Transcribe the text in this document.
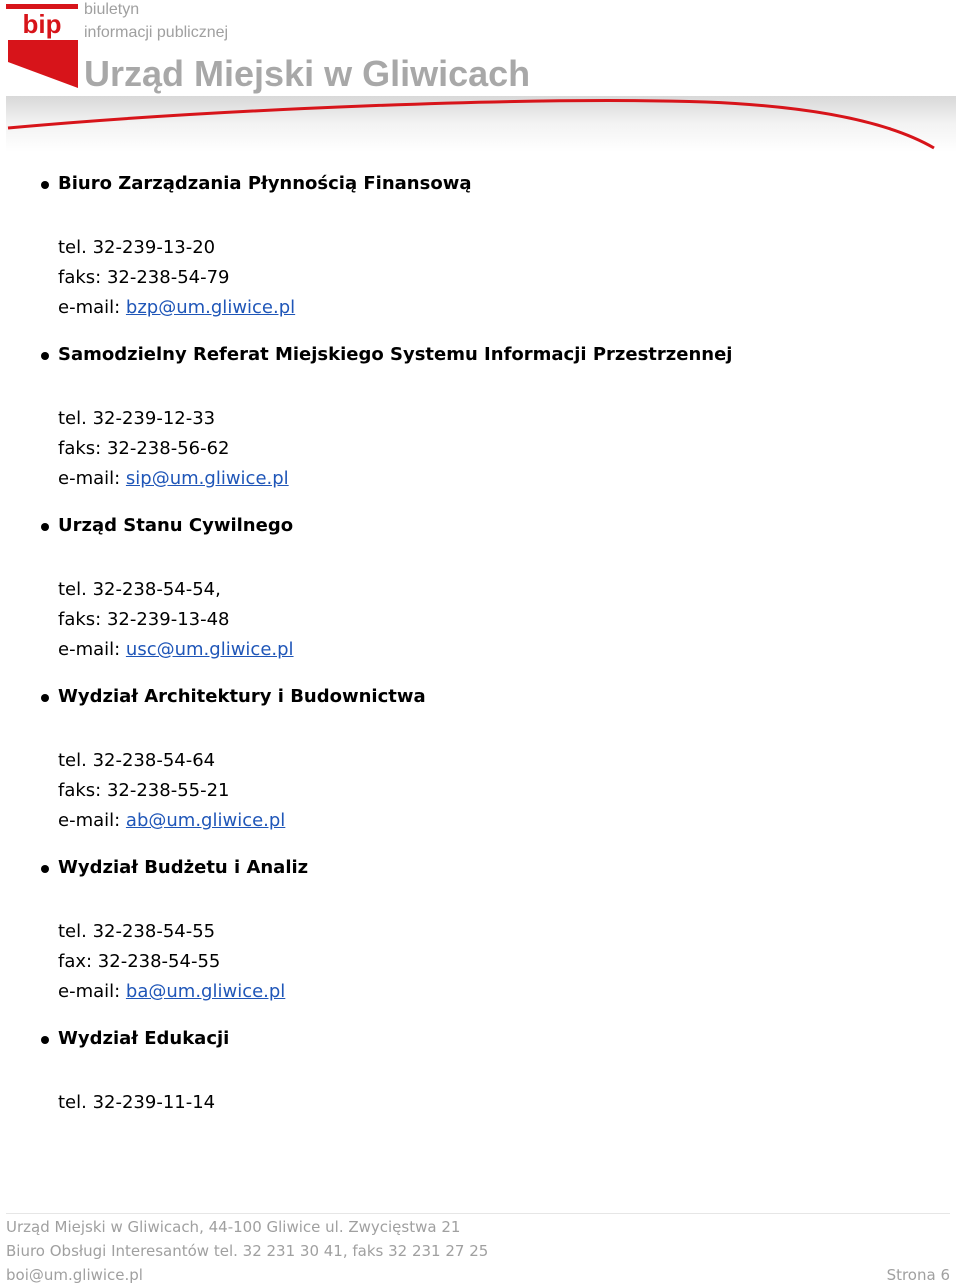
bip biuletyn
informacji publicznej
Urząd Miejski w Gliwicach
Biuro Zarządzania Płynnością Finansową
tel. 32-239-13-20
faks: 32-238-54-79
e-mail: bzp@um.gliwice.pl
Samodzielny Referat Miejskiego Systemu Informacji Przestrzennej
tel. 32-239-12-33
faks: 32-238-56-62
e-mail: sip@um.gliwice.pl
Urząd Stanu Cywilnego
tel. 32-238-54-54,
faks: 32-239-13-48
e-mail: usc@um.gliwice.pl
Wydział Architektury i Budownictwa
tel. 32-238-54-64
faks: 32-238-55-21
e-mail: ab@um.gliwice.pl
Wydział Budżetu i Analiz
tel. 32-238-54-55
fax: 32-238-54-55
e-mail: ba@um.gliwice.pl
Wydział Edukacji
tel. 32-239-11-14
Urząd Miejski w Gliwicach, 44-100 Gliwice ul. Zwycięstwa 21
Biuro Obsługi Interesantów tel. 32 231 30 41, faks 32 231 27 25
boi@um.gliwice.pl	Strona 6
